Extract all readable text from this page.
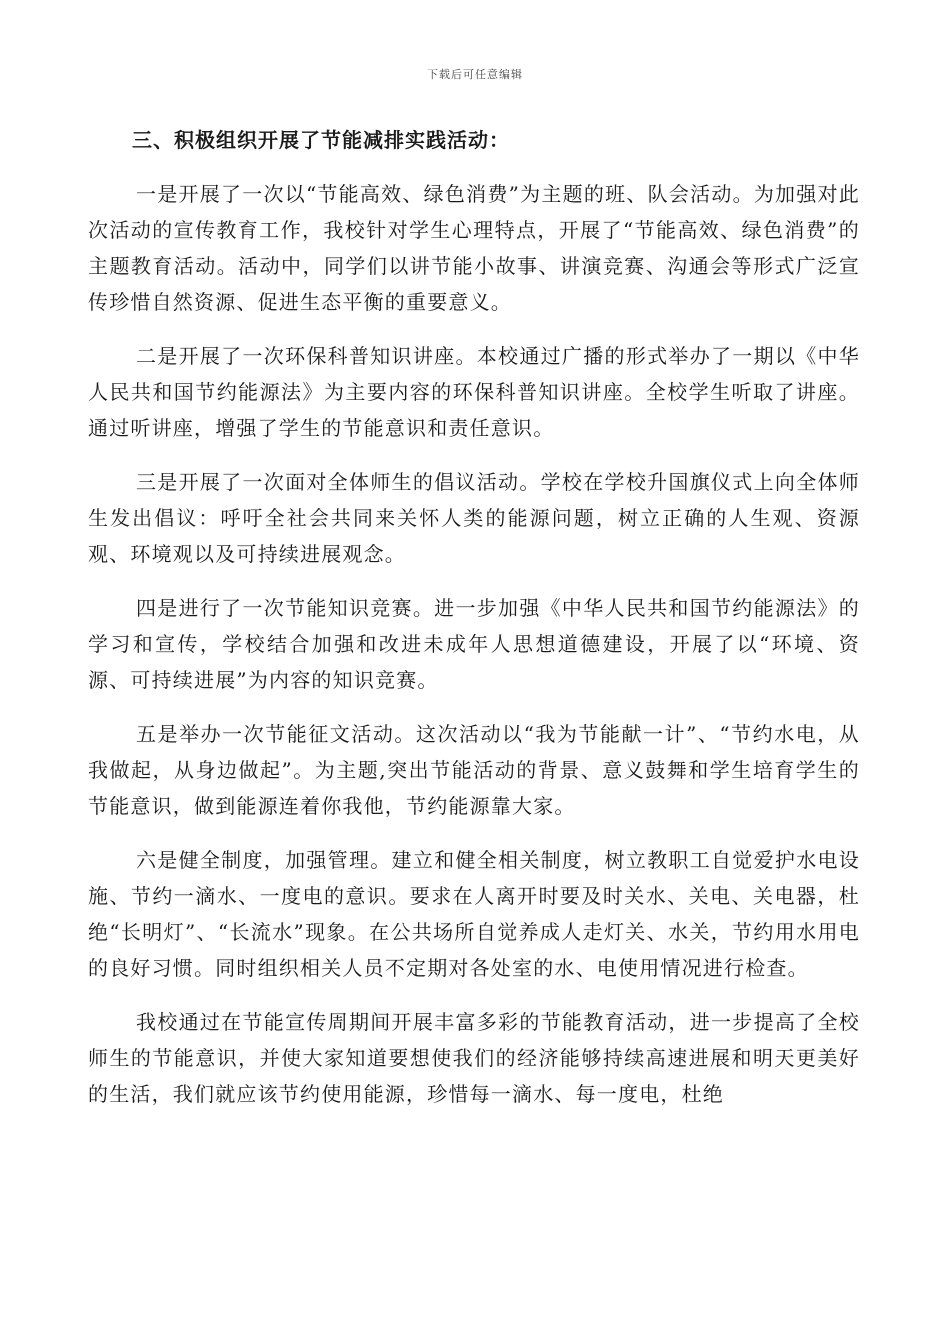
下载后可任意编辑
三、积极组织开展了节能减排实践活动：

一是开展了一次以“节能高效、绿色消费”为主题的班、队会活动。为加强对此次活动的宣传教育工作，我校针对学生心理特点，开展了“节能高效、绿色消费”的主题教育活动。活动中，同学们以讲节能小故事、讲演竞赛、沟通会等形式广泛宣传珍惜自然资源、促进生态平衡的重要意义。

二是开展了一次环保科普知识讲座。本校通过广播的形式举办了一期以《中华人民共和国节约能源法》为主要内容的环保科普知识讲座。全校学生听取了讲座。通过听讲座，增强了学生的节能意识和责任意识。

三是开展了一次面对全体师生的倡议活动。学校在学校升国旗仪式上向全体师生发出倡议：呼吁全社会共同来关怀人类的能源问题，树立正确的人生观、资源观、环境观以及可持续进展观念。

四是进行了一次节能知识竞赛。进一步加强《中华人民共和国节约能源法》的学习和宣传，学校结合加强和改进未成年人思想道德建设，开展了以“环境、资源、可持续进展”为内容的知识竞赛。

五是举办一次节能征文活动。这次活动以“我为节能献一计”、“节约水电，从我做起，从身边做起”。为主题,突出节能活动的背景、意义鼓舞和学生培育学生的节能意识，做到能源连着你我他，节约能源靠大家。

六是健全制度，加强管理。建立和健全相关制度，树立教职工自觉爱护水电设施、节约一滴水、一度电的意识。要求在人离开时要及时关水、关电、关电器，杜绝“长明灯”、“长流水”现象。在公共场所自觉养成人走灯关、水关，节约用水用电的良好习惯。同时组织相关人员不定期对各处室的水、电使用情况进行检查。

我校通过在节能宣传周期间开展丰富多彩的节能教育活动，进一步提高了全校师生的节能意识，并使大家知道要想使我们的经济能够持续高速进展和明天更美好的生活，我们就应该节约使用能源，珍惜每一滴水、每一度电，杜绝
